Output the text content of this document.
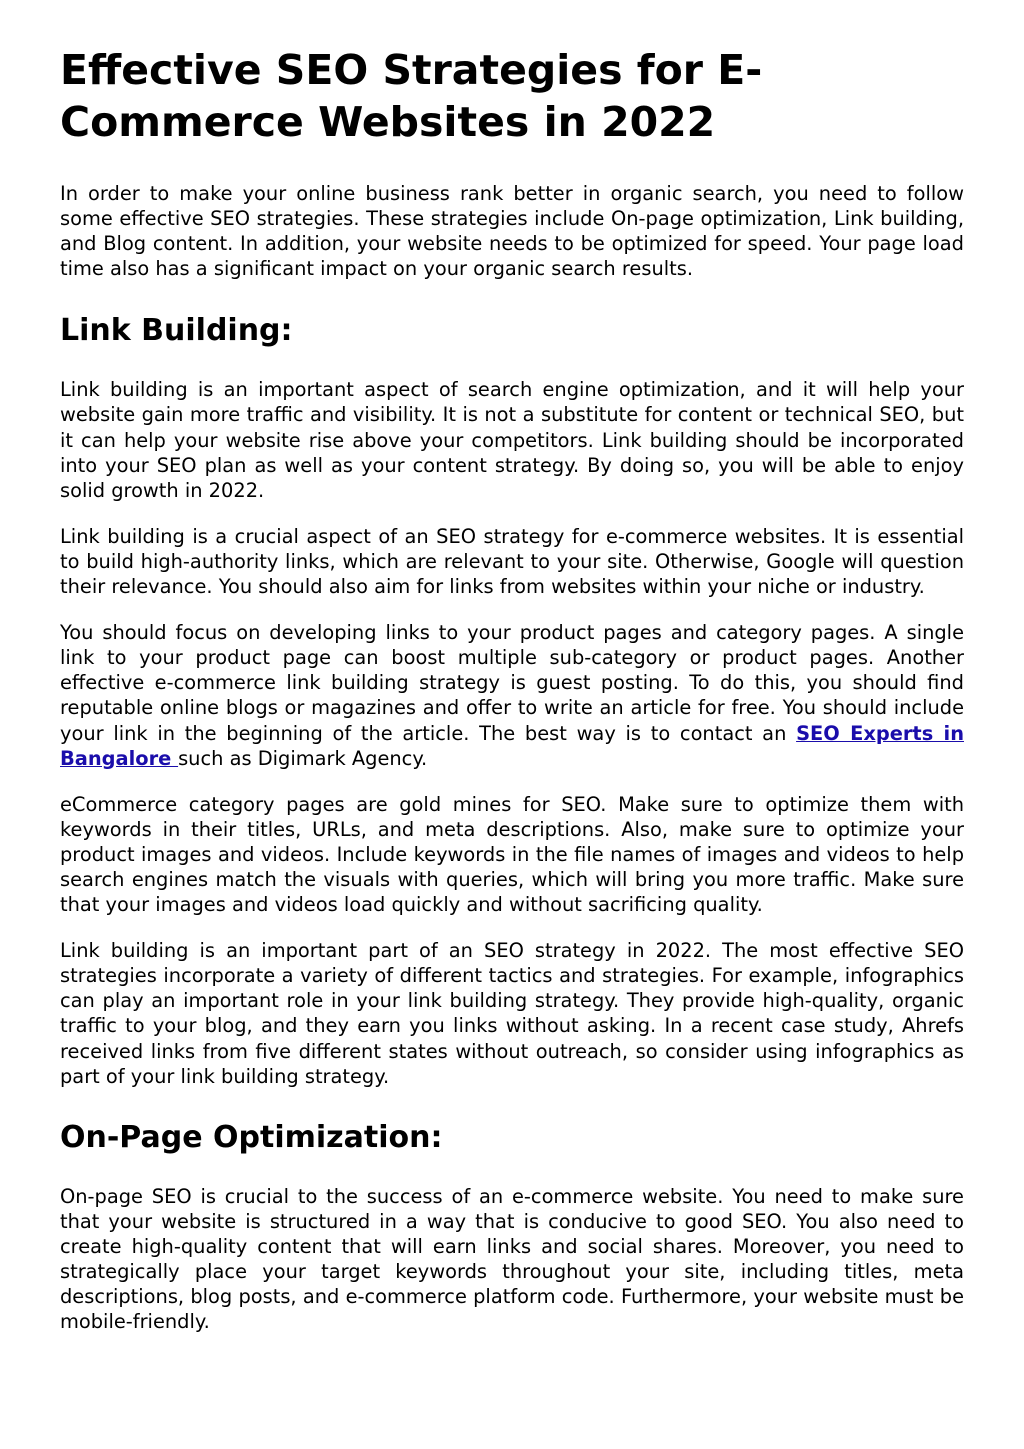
Effective SEO Strategies for E-Commerce Websites in 2022

In order to make your online business rank better in organic search, you need to follow some effective SEO strategies. These strategies include On-page optimization, Link building, and Blog content. In addition, your website needs to be optimized for speed. Your page load time also has a significant impact on your organic search results.

Link Building:

Link building is an important aspect of search engine optimization, and it will help your website gain more traffic and visibility. It is not a substitute for content or technical SEO, but it can help your website rise above your competitors. Link building should be incorporated into your SEO plan as well as your content strategy. By doing so, you will be able to enjoy solid growth in 2022.

Link building is a crucial aspect of an SEO strategy for e-commerce websites. It is essential to build high-authority links, which are relevant to your site. Otherwise, Google will question their relevance. You should also aim for links from websites within your niche or industry.

You should focus on developing links to your product pages and category pages. A single link to your product page can boost multiple sub-category or product pages. Another effective e-commerce link building strategy is guest posting. To do this, you should find reputable online blogs or magazines and offer to write an article for free. You should include your link in the beginning of the article. The best way is to contact an SEO Experts in Bangalore such as Digimark Agency.

eCommerce category pages are gold mines for SEO. Make sure to optimize them with keywords in their titles, URLs, and meta descriptions. Also, make sure to optimize your product images and videos. Include keywords in the file names of images and videos to help search engines match the visuals with queries, which will bring you more traffic. Make sure that your images and videos load quickly and without sacrificing quality.

Link building is an important part of an SEO strategy in 2022. The most effective SEO strategies incorporate a variety of different tactics and strategies. For example, infographics can play an important role in your link building strategy. They provide high-quality, organic traffic to your blog, and they earn you links without asking. In a recent case study, Ahrefs received links from five different states without outreach, so consider using infographics as part of your link building strategy.

On-Page Optimization:

On-page SEO is crucial to the success of an e-commerce website. You need to make sure that your website is structured in a way that is conducive to good SEO. You also need to create high-quality content that will earn links and social shares. Moreover, you need to strategically place your target keywords throughout your site, including titles, meta descriptions, blog posts, and e-commerce platform code. Furthermore, your website must be mobile-friendly.
